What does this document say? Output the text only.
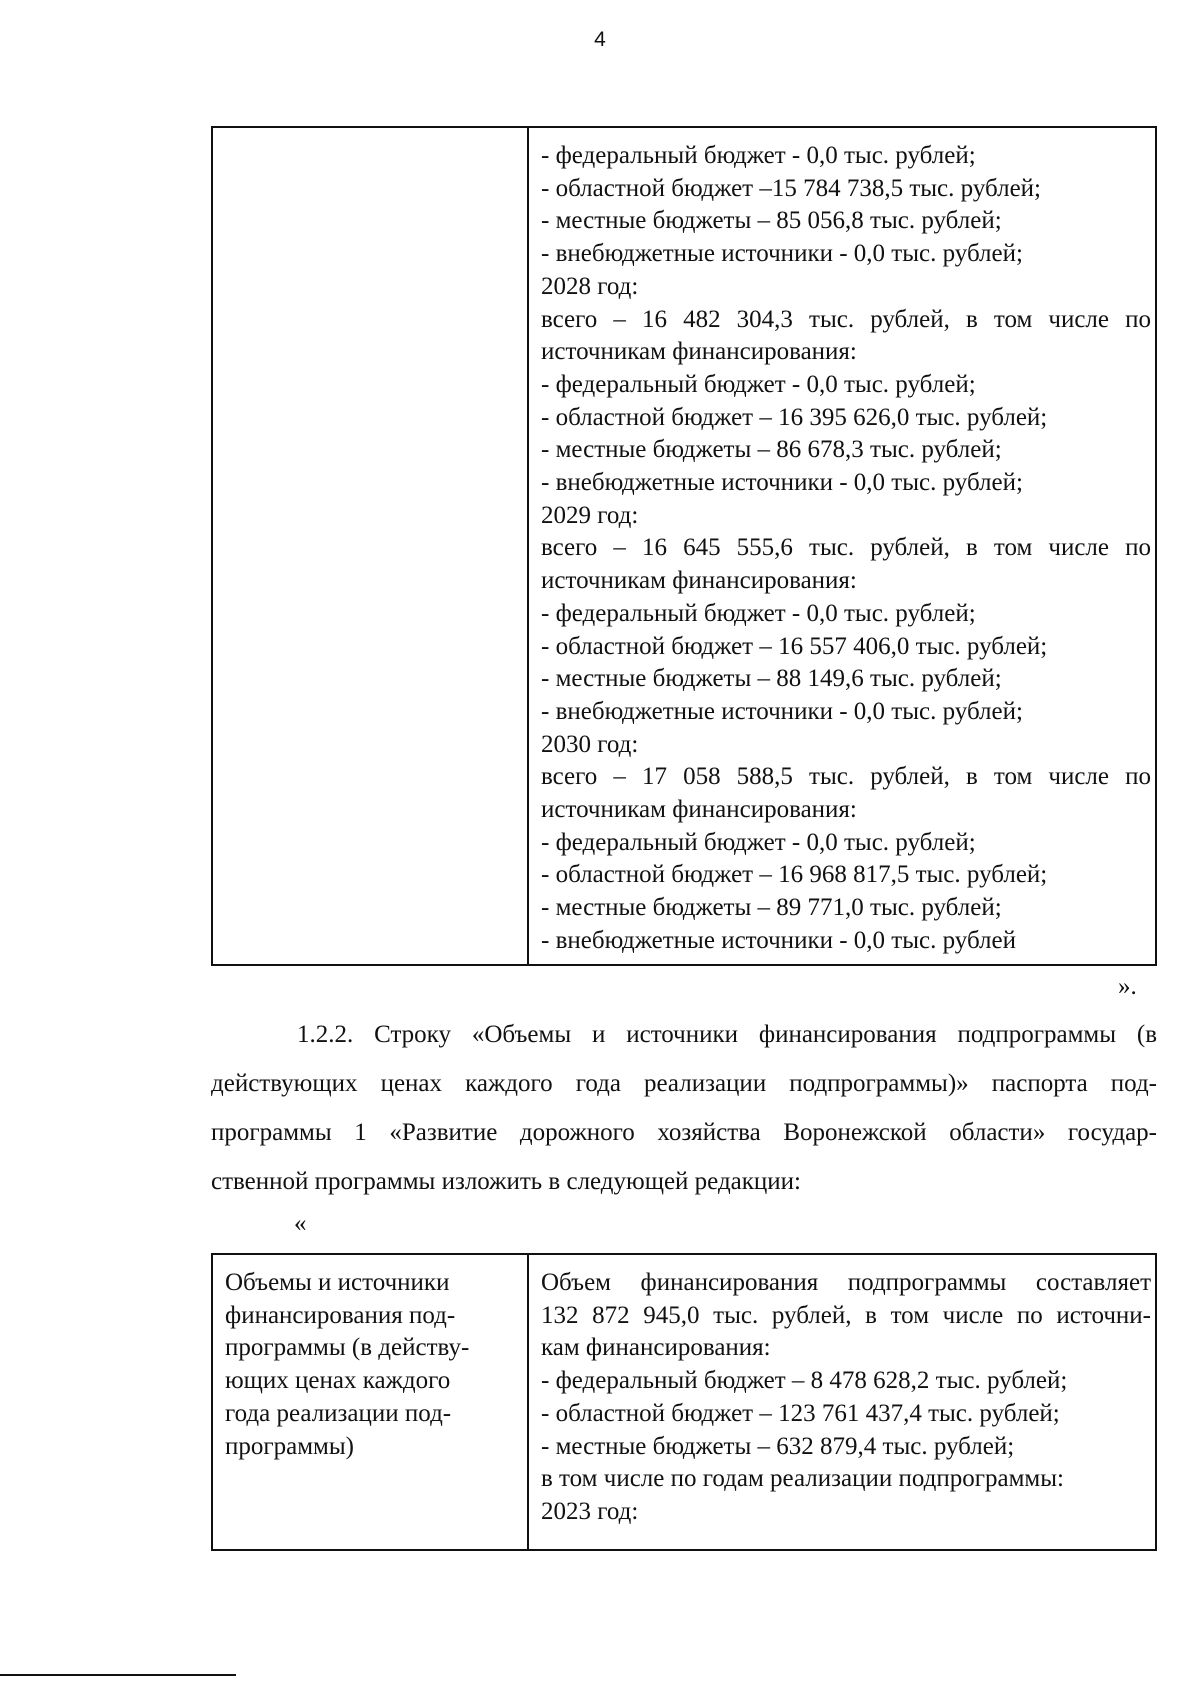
4
- федеральный бюджет - 0,0 тыс. рублей;
- областной бюджет –15 784 738,5 тыс. рублей;
- местные бюджеты – 85 056,8 тыс. рублей;
- внебюджетные источники - 0,0 тыс. рублей;
2028 год:
всего – 16 482 304,3 тыс. рублей, в том числе по
источникам финансирования:
- федеральный бюджет - 0,0 тыс. рублей;
- областной бюджет – 16 395 626,0 тыс. рублей;
- местные бюджеты – 86 678,3 тыс. рублей;
- внебюджетные источники - 0,0 тыс. рублей;
2029 год:
всего – 16 645 555,6 тыс. рублей, в том числе по
источникам финансирования:
- федеральный бюджет - 0,0 тыс. рублей;
- областной бюджет – 16 557 406,0 тыс. рублей;
- местные бюджеты – 88 149,6 тыс. рублей;
- внебюджетные источники - 0,0 тыс. рублей;
2030 год:
всего – 17 058 588,5 тыс. рублей, в том числе по
источникам финансирования:
- федеральный бюджет - 0,0 тыс. рублей;
- областной бюджет – 16 968 817,5 тыс. рублей;
- местные бюджеты – 89 771,0 тыс. рублей;
- внебюджетные источники - 0,0 тыс. рублей
».
1.2.2. Строку «Объемы и источники финансирования подпрограммы (в
действующих ценах каждого года реализации подпрограммы)» паспорта под-
программы 1 «Развитие дорожного хозяйства Воронежской области» государ-
ственной программы изложить в следующей редакции:
«
Объемы и источники
финансирования под-
программы (в действу-
ющих ценах каждого
года реализации под-
программы)
Объем финансирования подпрограммы составляет
132 872 945,0 тыс. рублей, в том числе по источни-
кам финансирования:
- федеральный бюджет – 8 478 628,2 тыс. рублей;
- областной бюджет – 123 761 437,4 тыс. рублей;
- местные бюджеты – 632 879,4 тыс. рублей;
в том числе по годам реализации подпрограммы:
2023 год:
